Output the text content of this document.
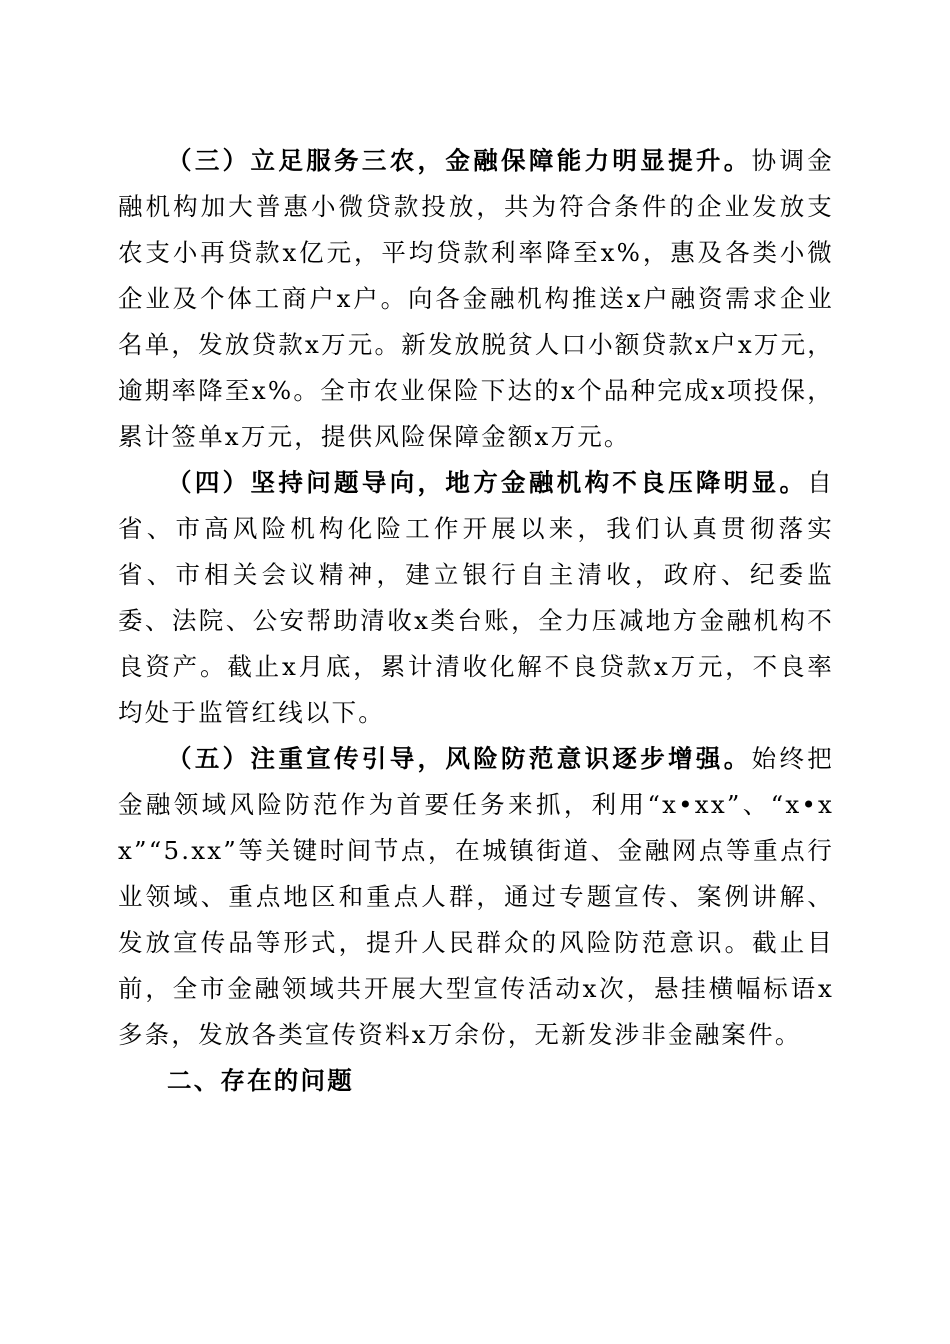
（三）立足服务三农，金融保障能力明显提升。协调金融机构加大普惠小微贷款投放，共为符合条件的企业发放支农支小再贷款x亿元，平均贷款利率降至x%，惠及各类小微企业及个体工商户x户。向各金融机构推送x户融资需求企业名单，发放贷款x万元。新发放脱贫人口小额贷款x户x万元，逾期率降至x%。全市农业保险下达的x个品种完成x项投保，累计签单x万元，提供风险保障金额x万元。

（四）坚持问题导向，地方金融机构不良压降明显。自省、市高风险机构化险工作开展以来，我们认真贯彻落实省、市相关会议精神，建立银行自主清收，政府、纪委监委、法院、公安帮助清收x类台账，全力压减地方金融机构不良资产。截止x月底，累计清收化解不良贷款x万元，不良率均处于监管红线以下。

（五）注重宣传引导，风险防范意识逐步增强。始终把金融领域风险防范作为首要任务来抓，利用“x•xx”、“x•xx”“5.xx”等关键时间节点，在城镇街道、金融网点等重点行业领域、重点地区和重点人群，通过专题宣传、案例讲解、发放宣传品等形式，提升人民群众的风险防范意识。截止目前，全市金融领域共开展大型宣传活动x次，悬挂横幅标语x多条，发放各类宣传资料x万余份，无新发涉非金融案件。

二、存在的问题
